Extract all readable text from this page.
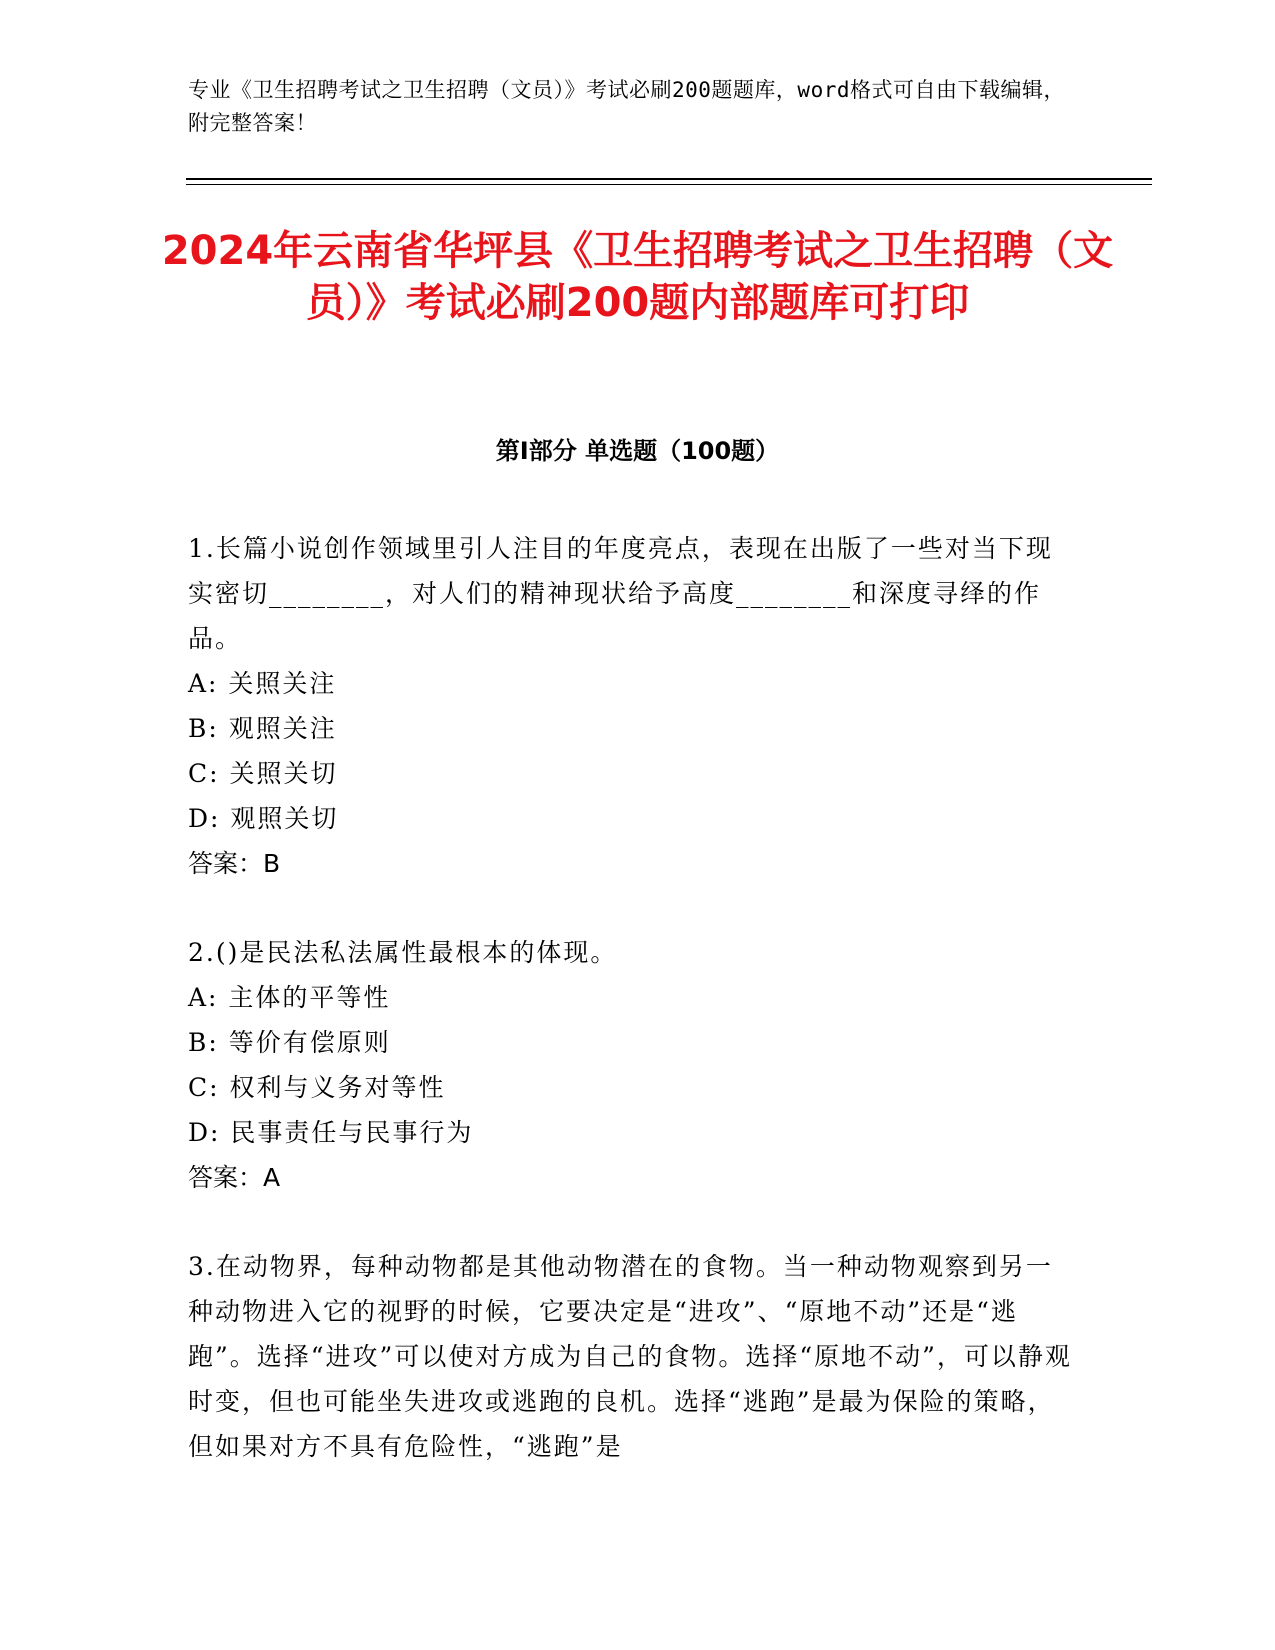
专业《卫生招聘考试之卫生招聘（文员）》考试必刷200题题库，word格式可自由下载编辑，附完整答案！
2024年云南省华坪县《卫生招聘考试之卫生招聘（文员）》考试必刷200题内部题库可打印
第Ⅰ部分 单选题（100题）

1.长篇小说创作领域里引人注目的年度亮点，表现在出版了一些对当下现实密切________，对人们的精神现状给予高度________和深度寻绎的作品。

A: 关照关注

B: 观照关注

C: 关照关切

D: 观照关切

答案：B

2.()是民法私法属性最根本的体现。

A: 主体的平等性

B: 等价有偿原则

C: 权利与义务对等性

D: 民事责任与民事行为

答案：A

3.在动物界，每种动物都是其他动物潜在的食物。当一种动物观察到另一种动物进入它的视野的时候，它要决定是“进攻”、“原地不动”还是“逃跑”。选择“进攻”可以使对方成为自己的食物。选择“原地不动”，可以静观时变，但也可能坐失进攻或逃跑的良机。选择“逃跑”是最为保险的策略，但如果对方不具有危险性，“逃跑”是
